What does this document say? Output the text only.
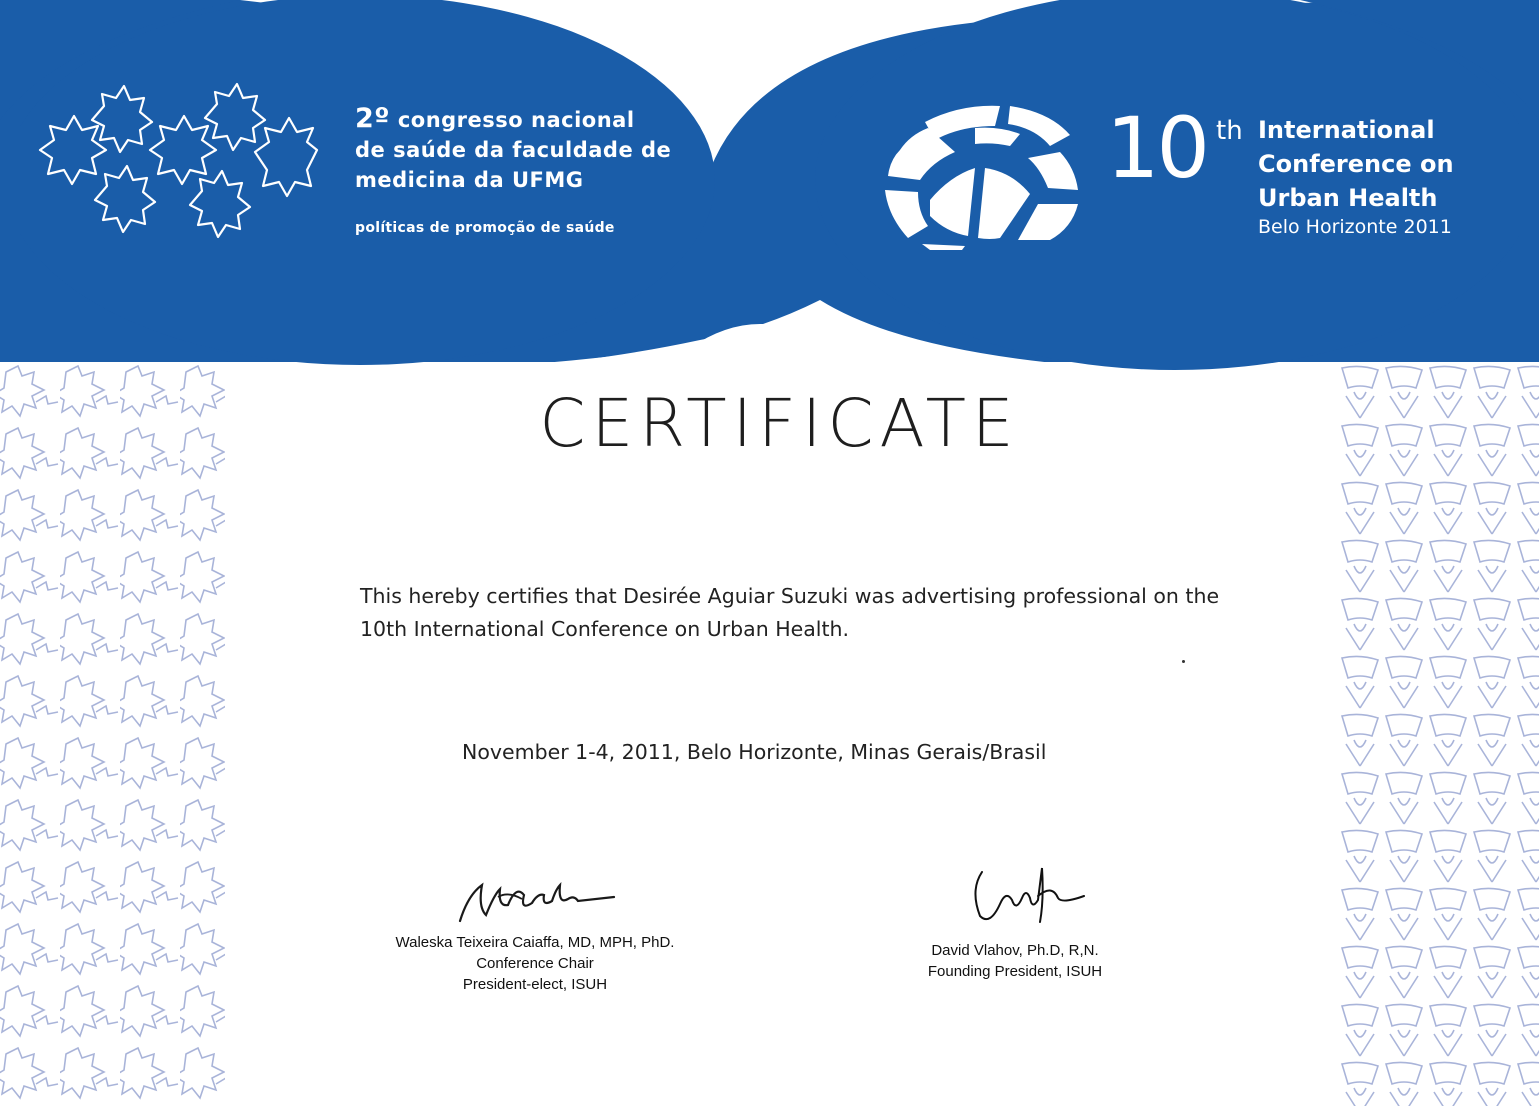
2º congresso nacional
de saúde da faculdade de
medicina da UFMG
políticas de promoção de saúde
10 th International
Conference on
Urban Health
Belo Horizonte 2011
CERTIFICATE
This hereby certifies that Desirée Aguiar Suzuki was advertising professional on the
10th International Conference on Urban Health.
November 1-4, 2011, Belo Horizonte, Minas Gerais/Brasil
Waleska Teixeira Caiaffa, MD, MPH, PhD.
Conference Chair
President-elect, ISUH
David Vlahov, Ph.D, R,N.
Founding President, ISUH
